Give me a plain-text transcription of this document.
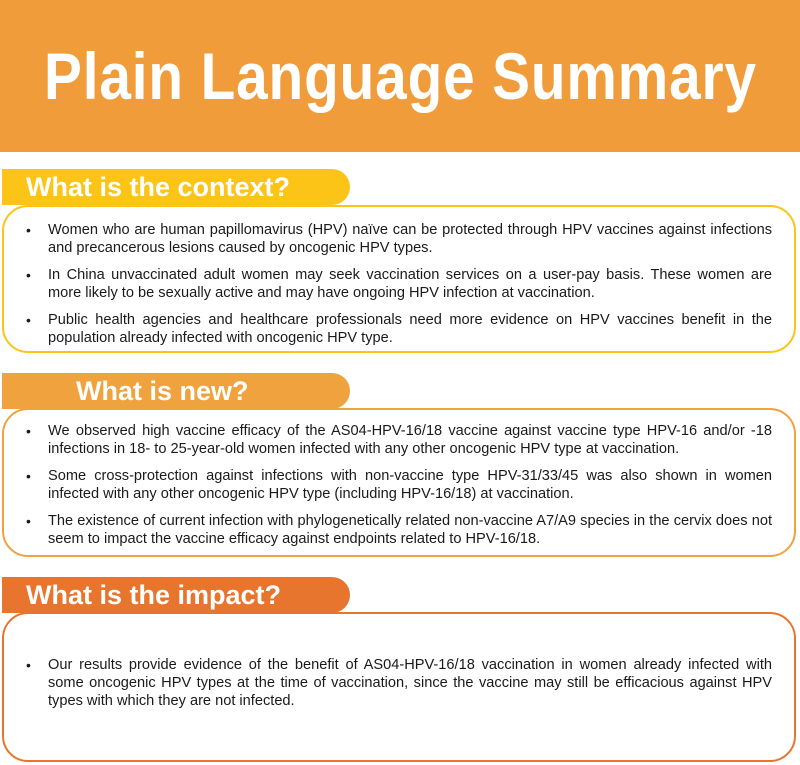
Plain Language Summary
What is the context?
• Women who are human papillomavirus (HPV) naïve can be protected through HPV vaccines against infections and precancerous lesions caused by oncogenic HPV types.
• In China unvaccinated adult women may seek vaccination services on a user-pay basis. These women are more likely to be sexually active and may have ongoing HPV infection at vaccination.
• Public health agencies and healthcare professionals need more evidence on HPV vaccines benefit in the population already infected with oncogenic HPV type.
What is new?
• We observed high vaccine efficacy of the AS04-HPV-16/18 vaccine against vaccine type HPV-16 and/or -18 infections in 18- to 25-year-old women infected with any other oncogenic HPV type at vaccination.
• Some cross-protection against infections with non-vaccine type HPV-31/33/45 was also shown in women infected with any other oncogenic HPV type (including HPV-16/18) at vaccination.
• The existence of current infection with phylogenetically related non-vaccine A7/A9 species in the cervix does not seem to impact the vaccine efficacy against endpoints related to HPV-16/18.
What is the impact?
• Our results provide evidence of the benefit of AS04-HPV-16/18 vaccination in women already infected with some oncogenic HPV types at the time of vaccination, since the vaccine may still be efficacious against HPV types with which they are not infected.
